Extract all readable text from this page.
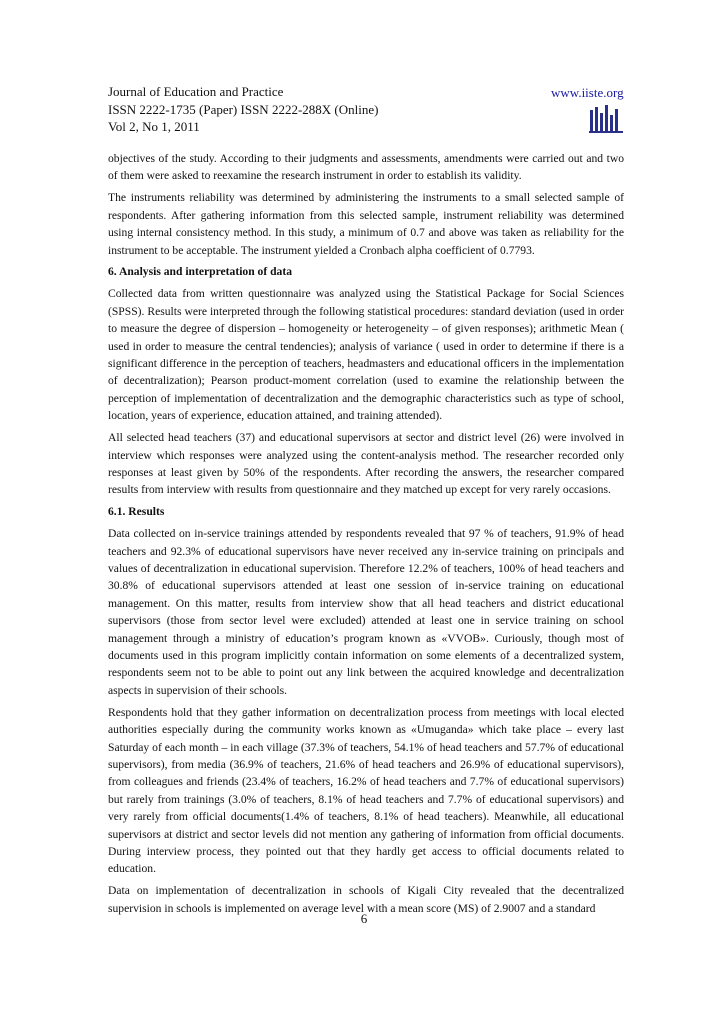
Journal of Education and Practice
ISSN 2222-1735 (Paper) ISSN 2222-288X (Online)
Vol 2, No 1, 2011
www.iiste.org

objectives of the study. According to their judgments and assessments, amendments were carried out and two of them were asked to reexamine the research instrument in order to establish its validity.

The instruments reliability was determined by administering the instruments to a small selected sample of respondents. After gathering information from this selected sample, instrument reliability was determined using internal consistency method. In this study, a minimum of 0.7 and above was taken as reliability for the instrument to be acceptable. The instrument yielded a Cronbach alpha coefficient of 0.7793.

6. Analysis and interpretation of data

Collected data from written questionnaire was analyzed using the Statistical Package for Social Sciences (SPSS). Results were interpreted through the following statistical procedures: standard deviation (used in order to measure the degree of dispersion – homogeneity or heterogeneity – of given responses); arithmetic Mean ( used in order to measure the central tendencies); analysis of variance ( used in order to determine if there is a significant difference in the perception of teachers, headmasters and educational officers in the implementation of decentralization); Pearson product-moment correlation (used to examine the relationship between the perception of implementation of decentralization and the demographic characteristics such as type of school, location, years of experience, education attained, and training attended).

All selected head teachers (37) and educational supervisors at sector and district level (26) were involved in interview which responses were analyzed using the content-analysis method. The researcher recorded only responses at least given by 50% of the respondents. After recording the answers, the researcher compared results from interview with results from questionnaire and they matched up except for very rarely occasions.

6.1. Results

Data collected on in-service trainings attended by respondents revealed that 97 % of teachers, 91.9% of head teachers and 92.3% of educational supervisors have never received any in-service training on principals and values of decentralization in educational supervision. Therefore 12.2% of teachers, 100% of head teachers and 30.8% of educational supervisors attended at least one session of in-service training on educational management. On this matter, results from interview show that all head teachers and district educational supervisors (those from sector level were excluded) attended at least one in service training on school management through a ministry of education’s program known as «VVOB». Curiously, though most of documents used in this program implicitly contain information on some elements of a decentralized system, respondents seem not to be able to point out any link between the acquired knowledge and decentralization aspects in supervision of their schools.

Respondents hold that they gather information on decentralization process from meetings with local elected authorities especially during the community works known as «Umuganda» which take place – every last Saturday of each month – in each village (37.3% of teachers, 54.1% of head teachers and 57.7% of educational supervisors), from media (36.9% of teachers, 21.6% of head teachers and 26.9% of educational supervisors), from colleagues and friends (23.4% of teachers, 16.2% of head teachers and 7.7% of educational supervisors) but rarely from trainings (3.0% of teachers, 8.1% of head teachers and 7.7% of educational supervisors) and very rarely from official documents(1.4% of teachers, 8.1% of head teachers). Meanwhile, all educational supervisors at district and sector levels did not mention any gathering of information from official documents. During interview process, they pointed out that they hardly get access to official documents related to education.

Data on implementation of decentralization in schools of Kigali City revealed that the decentralized supervision in schools is implemented on average level with a mean score (MS) of 2.9007 and a standard

6
